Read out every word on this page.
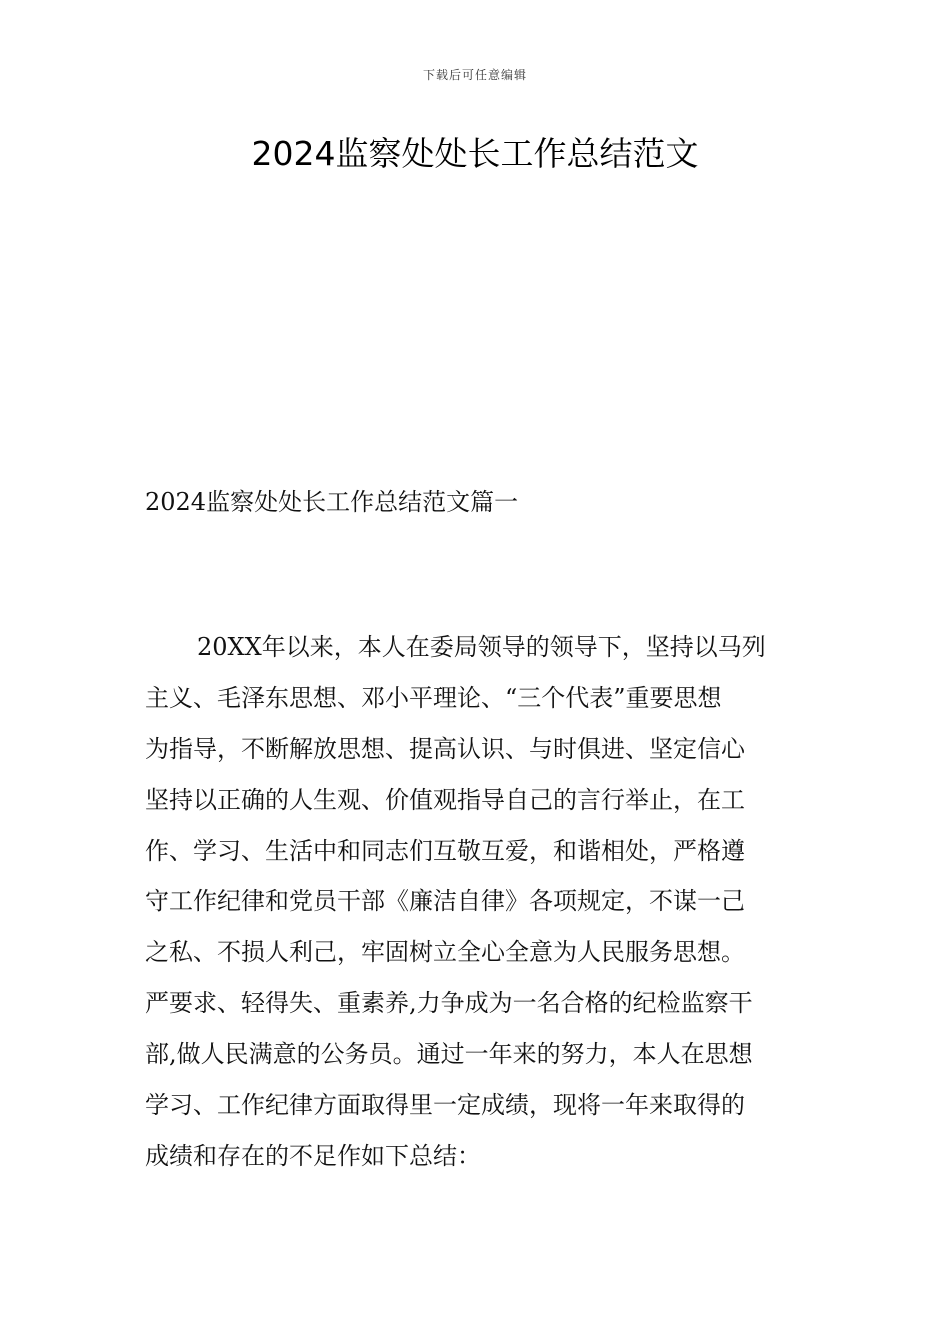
下载后可任意编辑
2024监察处处长工作总结范文
2024监察处处长工作总结范文篇一
20XX年以来，本人在委局领导的领导下，坚持以马列
主义、毛泽东思想、邓小平理论、“三个代表”重要思想
为指导，不断解放思想、提高认识、与时俱进、坚定信心
坚持以正确的人生观、价值观指导自己的言行举止，在工
作、学习、生活中和同志们互敬互爱，和谐相处，严格遵
守工作纪律和党员干部《廉洁自律》各项规定，不谋一己
之私、不损人利己，牢固树立全心全意为人民服务思想。
严要求、轻得失、重素养,力争成为一名合格的纪检监察干
部,做人民满意的公务员。通过一年来的努力，本人在思想
学习、工作纪律方面取得里一定成绩，现将一年来取得的
成绩和存在的不足作如下总结：
